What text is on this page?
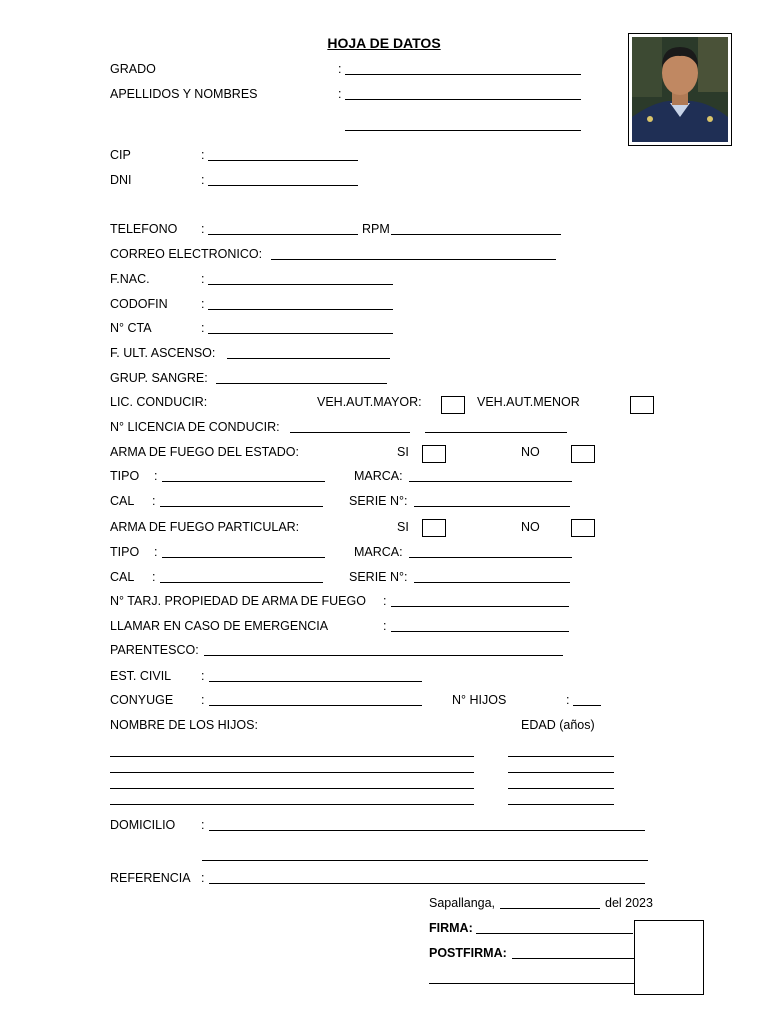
HOJA DE DATOS
GRADO	:
APELLIDOS Y NOMBRES	:
CIP	:
DNI	:
TELEFONO :	RPM
CORREO ELECTRONICO:
F.NAC.	:
CODOFIN	:
N° CTA	:
F. ULT. ASCENSO:
GRUP. SANGRE:
LIC. CONDUCIR:	VEH.AUT.MAYOR:	VEH.AUT.MENOR
N° LICENCIA DE CONDUCIR:
ARMA DE FUEGO DEL ESTADO:	SI	NO
TIPO :	MARCA:
CAL :	SERIE N°:
ARMA DE FUEGO PARTICULAR:	SI	NO
TIPO :	MARCA:
CAL :	SERIE N°:
N° TARJ. PROPIEDAD DE ARMA DE FUEGO :
LLAMAR EN CASO DE EMERGENCIA	:
PARENTESCO:
EST. CIVIL :
CONYUGE :	N° HIJOS	:
NOMBRE DE LOS HIJOS:	EDAD (años)
DOMICILIO :
REFERENCIA :
Sapallanga,	del 2023
FIRMA:
POSTFIRMA:
